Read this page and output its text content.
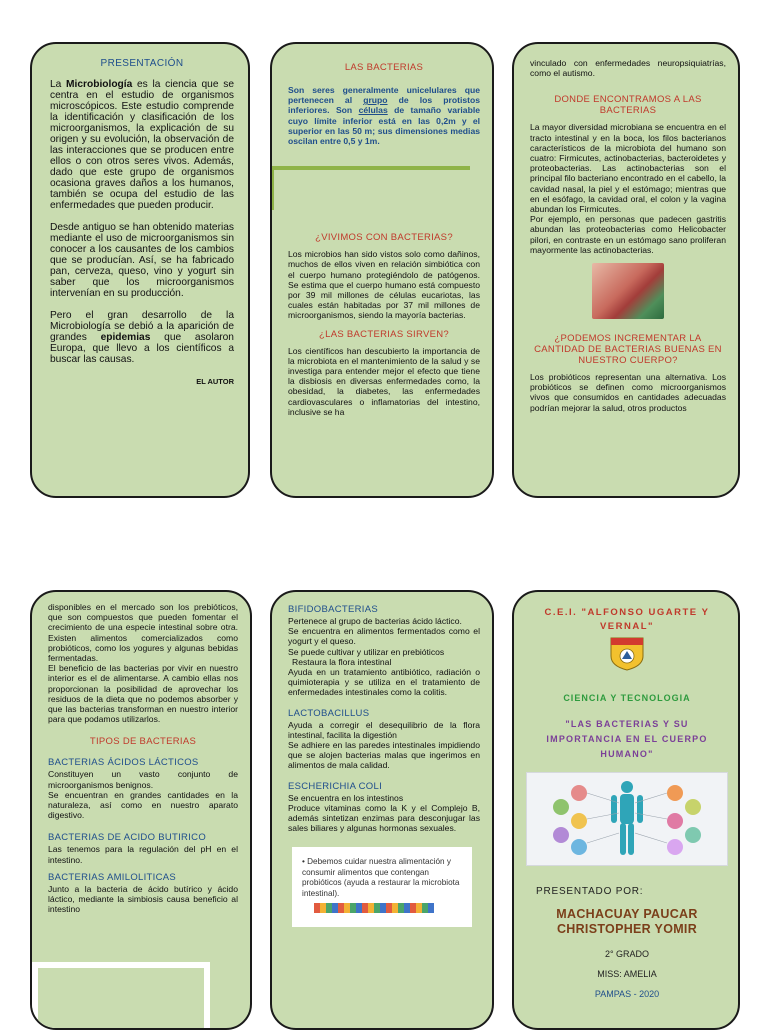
PRESENTACIÓN

La Microbiología es la ciencia que se centra en el estudio de organismos microscópicos. Este estudio comprende la identificación y clasificación de los microorganismos, la explicación de su origen y su evolución, la observación de las interacciones que se producen entre ellos o con otros seres vivos. Además, dado que este grupo de organismos ocasiona graves daños a los humanos, también se ocupa del estudio de las enfermedades que pueden producir.

Desde antiguo se han obtenido materias mediante el uso de microorganismos sin conocer a los causantes de los cambios que se producían. Así, se ha fabricado pan, cerveza, queso, vino y yogurt sin saber que los microorganismos intervenían en su producción.

Pero el gran desarrollo de la Microbiología se debió a la aparición de grandes epidemias que asolaron Europa, que llevo a los científicos a buscar las causas.

EL AUTOR
LAS BACTERIAS

Son seres generalmente unicelulares que pertenecen al grupo de los protistos inferiores. Son células de tamaño variable cuyo límite inferior está en las 0,2m y el superior en las 50 m; sus dimensiones medias oscilan entre 0,5 y 1m.

¿VIVIMOS CON BACTERIAS?

Los microbios han sido vistos solo como dañinos, muchos de ellos viven en relación simbiótica con el cuerpo humano protegiéndolo de patógenos. Se estima que el cuerpo humano está compuesto por 39 mil millones de células eucariotas, las cuales están habitadas por 37 mil millones de microorganismos, siendo la mayoría bacterias.

¿LAS BACTERIAS SIRVEN?

Los científicos han descubierto la importancia de la microbiota en el mantenimiento de la salud y se investiga para entender mejor el efecto que tiene la disbiosis en diversas enfermedades como, la obesidad, la diabetes, las enfermedades cardiovasculares o inflamatorias del intestino, inclusive se ha

vinculado con enfermedades neuropsiquiatrías, como el autismo.

DONDE ENCONTRAMOS A LAS BACTERIAS

La mayor diversidad microbiana se encuentra en el tracto intestinal y en la boca, los filos bacterianos característicos de la microbiota del humano son cuatro: Firmicutes, actinobacterias, bacteroidetes y proteobacterias. Las actinobacterias son el principal filo bacteriano encontrado en el cabello, la cavidad nasal, la piel y el estómago; mientras que en el esófago, la cavidad oral, el colon y la vagina abundan los Firmicutes.

Por ejemplo, en personas que padecen gastritis abundan las proteobacterias como Helicobacter pilori, en contraste en un estómago sano proliferan mayormente las actinobacterias.

¿PODEMOS INCREMENTAR LA CANTIDAD DE BACTERIAS BUENAS EN NUESTRO CUERPO?

Los probióticos representan una alternativa. Los probióticos se definen como microorganismos vivos que consumidos en cantidades adecuadas podrían mejorar la salud, otros productos

disponibles en el mercado son los prebióticos, que son compuestos que pueden fomentar el crecimiento de una especie intestinal sobre otra. Existen alimentos comercializados como probióticos, como los yogures y algunas bebidas fermentadas.

El beneficio de las bacterias por vivir en nuestro interior es el de alimentarse. A cambio ellas nos proporcionan la posibilidad de aprovechar los residuos de la dieta que no podemos absorber y que las bacterias transforman en nuestro interior para que podamos utilizarlos.

TIPOS DE BACTERIAS
BACTERIAS ÁCIDOS LÁCTICOS

Constituyen un vasto conjunto de microorganismos benignos.

Se encuentran en grandes cantidades en la naturaleza, así como en nuestro aparato digestivo.

BACTERIAS DE ACIDO BUTIRICO

Las tenemos para la regulación del pH en el intestino.

BACTERIAS AMILOLITICAS

Junto a la bacteria de ácido butírico y ácido láctico, mediante la simbiosis causa beneficio al intestino

BIFIDOBACTERIAS

Pertenece al grupo de bacterias ácido láctico.

Se encuentra en alimentos fermentados como el yogurt y el queso.

Se puede cultivar y utilizar en prebióticos

Restaura la flora intestinal

Ayuda en un tratamiento antibiótico, radiación o quimioterapia y se utiliza en el tratamiento de enfermedades intestinales como la colitis.

LACTOBACILLUS

Ayuda a corregir el desequilibrio de la flora intestinal, facilita la digestión

Se adhiere en las paredes intestinales impidiendo que se alojen bacterias malas que ingerimos en alimentos de mala calidad.

ESCHERICHIA COLI

Se encuentra en los intestinos

Produce vitaminas como la K y el Complejo B, además sintetizan enzimas para desconjugar las sales biliares y algunas hormonas sexuales.

• Debemos cuidar nuestra alimentación y consumir alimentos que contengan probióticos (ayuda a restaurar la microbiota intestinal).

C.E.I. "ALFONSO UGARTE Y VERNAL"
CIENCIA Y TECNOLOGIA
"LAS BACTERIAS Y SU IMPORTANCIA EN EL CUERPO HUMANO"
PRESENTADO POR:
MACHACUAY PAUCAR CHRISTOPHER YOMIR
2° GRADO
MISS: AMELIA
PAMPAS - 2020
